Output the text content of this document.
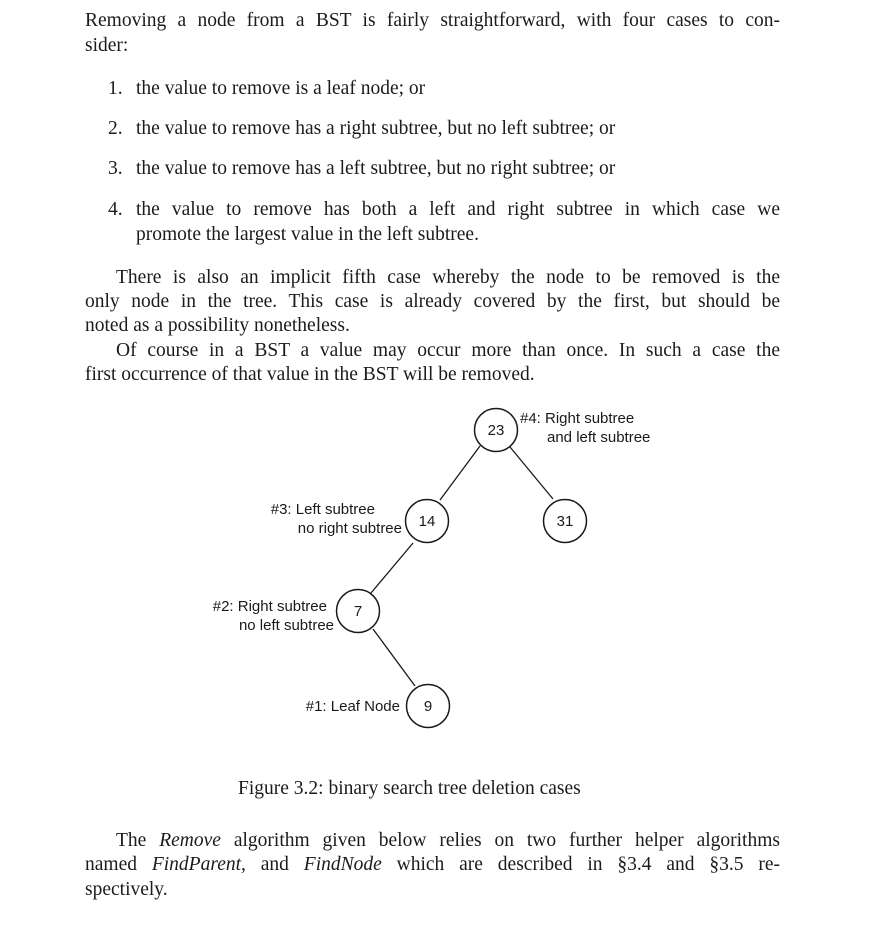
Removing a node from a BST is fairly straightforward, with four cases to con-
sider:
1. the value to remove is a leaf node; or
2. the value to remove has a right subtree, but no left subtree; or
3. the value to remove has a left subtree, but no right subtree; or
4. the value to remove has both a left and right subtree in which case we
promote the largest value in the left subtree.
There is also an implicit fifth case whereby the node to be removed is the
only node in the tree. This case is already covered by the first, but should be
noted as a possibility nonetheless.
Of course in a BST a value may occur more than once. In such a case the
first occurrence of that value in the BST will be removed.
23
14	31
7
9
#4: Right subtree
and left subtree
#3: Left subtree
no right subtree
#2: Right subtree
no left subtree
#1: Leaf Node
Figure 3.2: binary search tree deletion cases
The Remove algorithm given below relies on two further helper algorithms
named FindParent, and FindNode which are described in §3.4 and §3.5 re-
spectively.
